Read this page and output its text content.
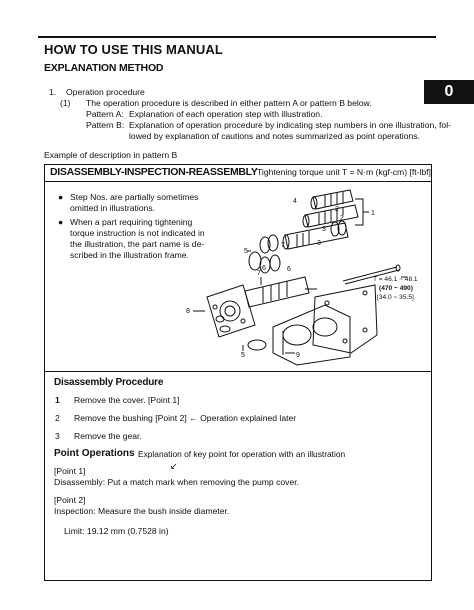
HOW TO USE THIS MANUAL
EXPLANATION METHOD
0
1. Operation procedure
(1) The operation procedure is described in either pattern A or pattern B below.
Pattern A: Explanation of each operation step with illustration.
Pattern B: Explanation of operation procedure by indicating step numbers in one illustration, fol-
lowed by explanation of cautions and notes summarized as point operations.
Example of description in pattern B
DISASSEMBLY-INSPECTION-REASSEMBLY Tightening torque unit T = N·m (kgf-cm) [ft-lbf]
● Step Nos. are partially sometimes
omitted in illustrations.
● When a part requiring tightening
torque instruction is not indicated in
the illustration, the part name is de-
scribed in the illustration frame.
1
2
3
4
5
6
7
8
9
5
7
6
2
3
T = 46.1 ~ 48.1
(470 ~ 490)
[34.0 ~ 35.5]
Disassembly Procedure
1 Remove the cover. [Point 1]
2 Remove the bushing [Point 2] ← Operation explained later
3 Remove the gear.
Point Operations Explanation of key point for operation with an illustration
↙
[Point 1]
Disassembly: Put a match mark when removing the pump cover.
[Point 2]
Inspection: Measure the bush inside diameter.
Limit: 19.12 mm (0.7528 in)
